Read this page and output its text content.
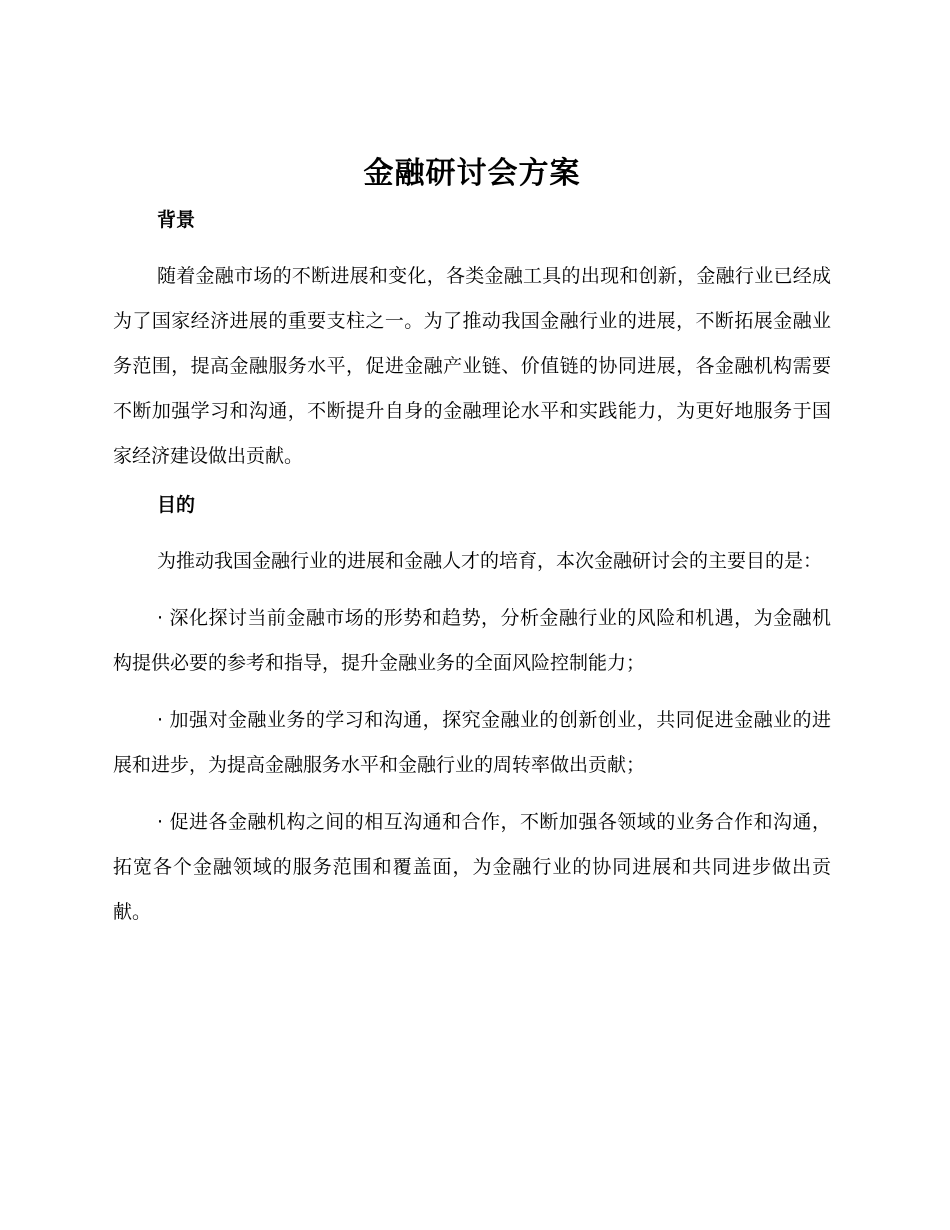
金融研讨会方案
背景

随着金融市场的不断进展和变化，各类金融工具的出现和创新，金融行业已经成为了国家经济进展的重要支柱之一。为了推动我国金融行业的进展，不断拓展金融业务范围，提高金融服务水平，促进金融产业链、价值链的协同进展，各金融机构需要不断加强学习和沟通，不断提升自身的金融理论水平和实践能力，为更好地服务于国家经济建设做出贡献。

目的

为推动我国金融行业的进展和金融人才的培育，本次金融研讨会的主要目的是：

· 深化探讨当前金融市场的形势和趋势，分析金融行业的风险和机遇，为金融机构提供必要的参考和指导，提升金融业务的全面风险控制能力；

· 加强对金融业务的学习和沟通，探究金融业的创新创业，共同促进金融业的进展和进步，为提高金融服务水平和金融行业的周转率做出贡献；

· 促进各金融机构之间的相互沟通和合作，不断加强各领域的业务合作和沟通，拓宽各个金融领域的服务范围和覆盖面，为金融行业的协同进展和共同进步做出贡献。
